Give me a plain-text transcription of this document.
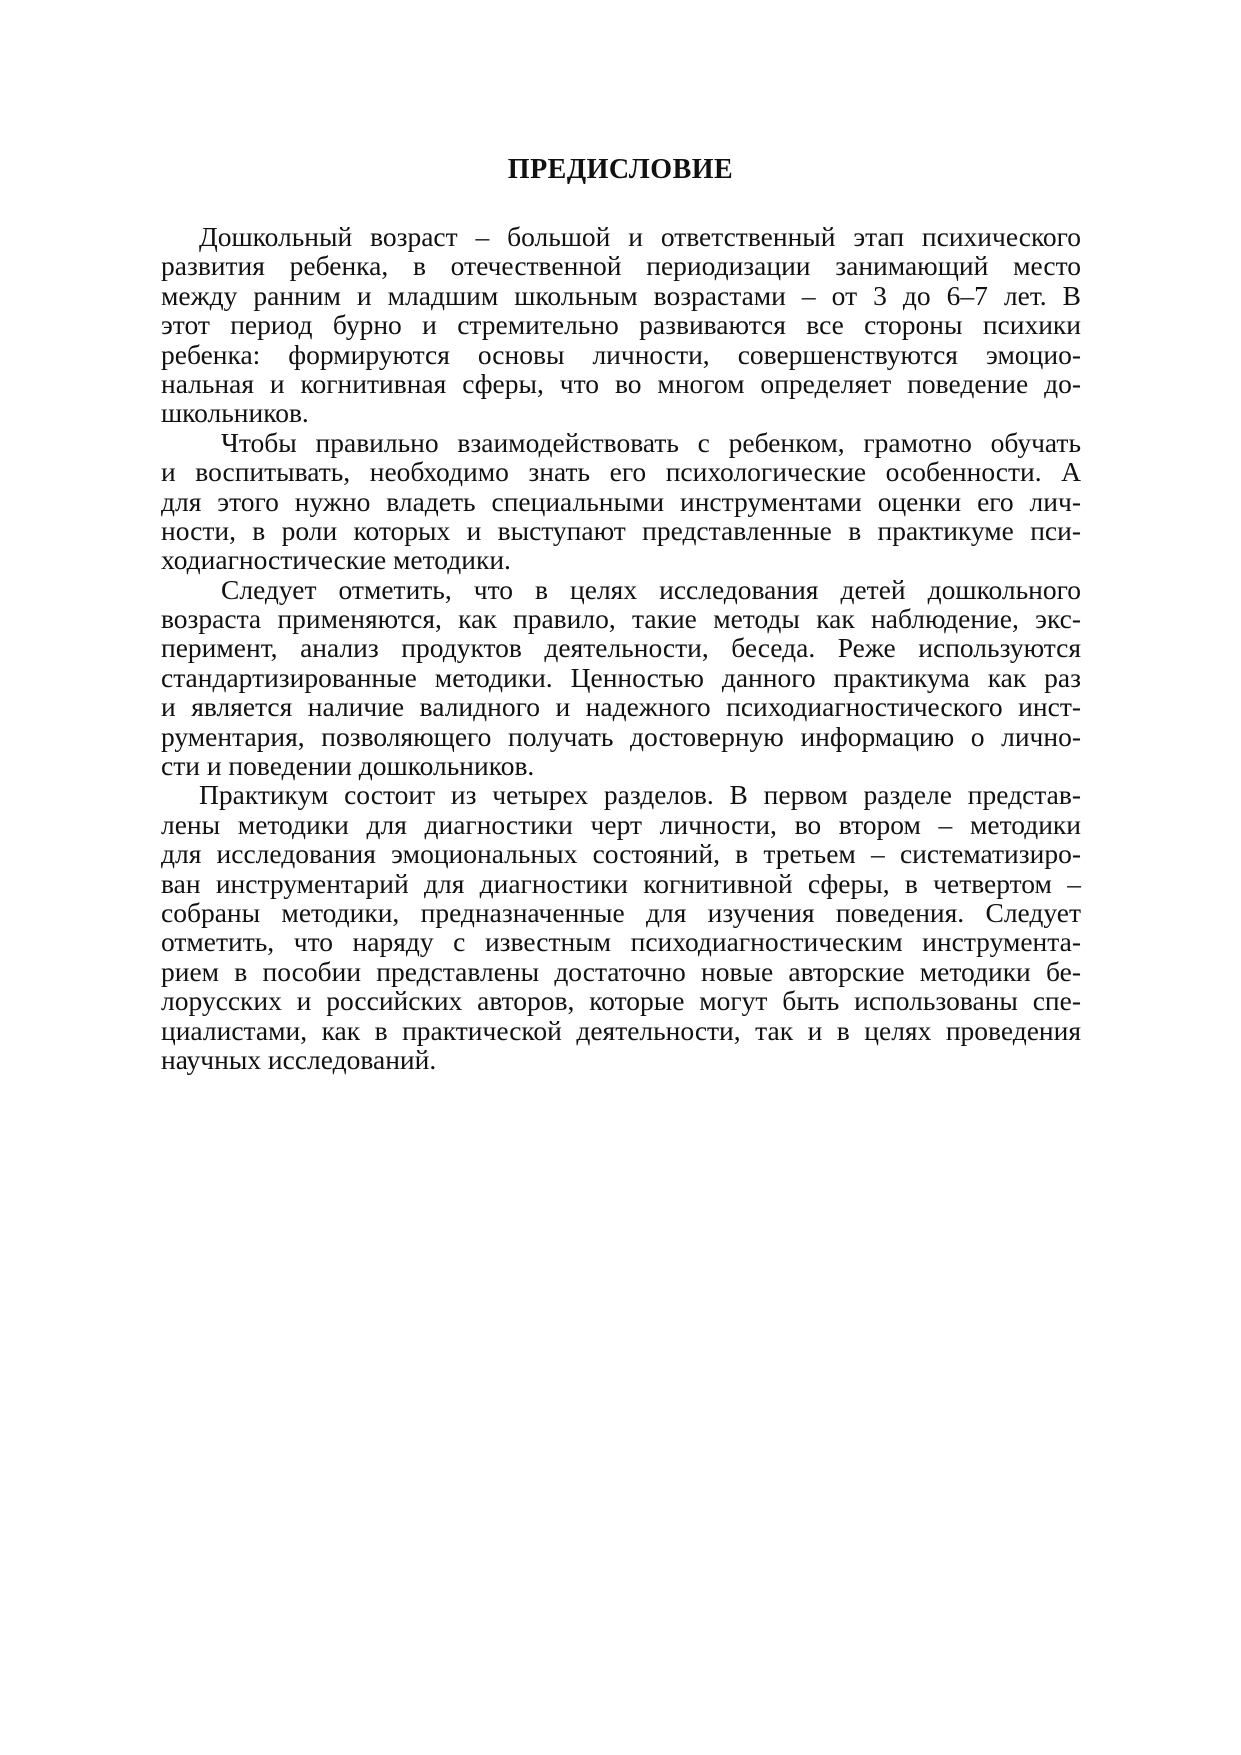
ПРЕДИСЛОВИЕ
Дошкольный возраст – большой и ответственный этап психического
развития ребенка, в отечественной периодизации занимающий место
между ранним и младшим школьным возрастами – от 3 до 6–7 лет. В
этот период бурно и стремительно развиваются все стороны психики
ребенка: формируются основы личности, совершенствуются эмоцио-
нальная и когнитивная сферы, что во многом определяет поведение до-
школьников.
Чтобы правильно взаимодействовать с ребенком, грамотно обучать
и воспитывать, необходимо знать его психологические особенности. А
для этого нужно владеть специальными инструментами оценки его лич-
ности, в роли которых и выступают представленные в практикуме пси-
ходиагностические методики.
Следует отметить, что в целях исследования детей дошкольного
возраста применяются, как правило, такие методы как наблюдение, экс-
перимент, анализ продуктов деятельности, беседа. Реже используются
стандартизированные методики. Ценностью данного практикума как раз
и является наличие валидного и надежного психодиагностического инст-
рументария, позволяющего получать достоверную информацию о лично-
сти и поведении дошкольников.
Практикум состоит из четырех разделов. В первом разделе представ-
лены методики для диагностики черт личности, во втором – методики
для исследования эмоциональных состояний, в третьем – систематизиро-
ван инструментарий для диагностики когнитивной сферы, в четвертом –
собраны методики, предназначенные для изучения поведения. Следует
отметить, что наряду с известным психодиагностическим инструмента-
рием в пособии представлены достаточно новые авторские методики бе-
лорусских и российских авторов, которые могут быть использованы спе-
циалистами, как в практической деятельности, так и в целях проведения
научных исследований.
